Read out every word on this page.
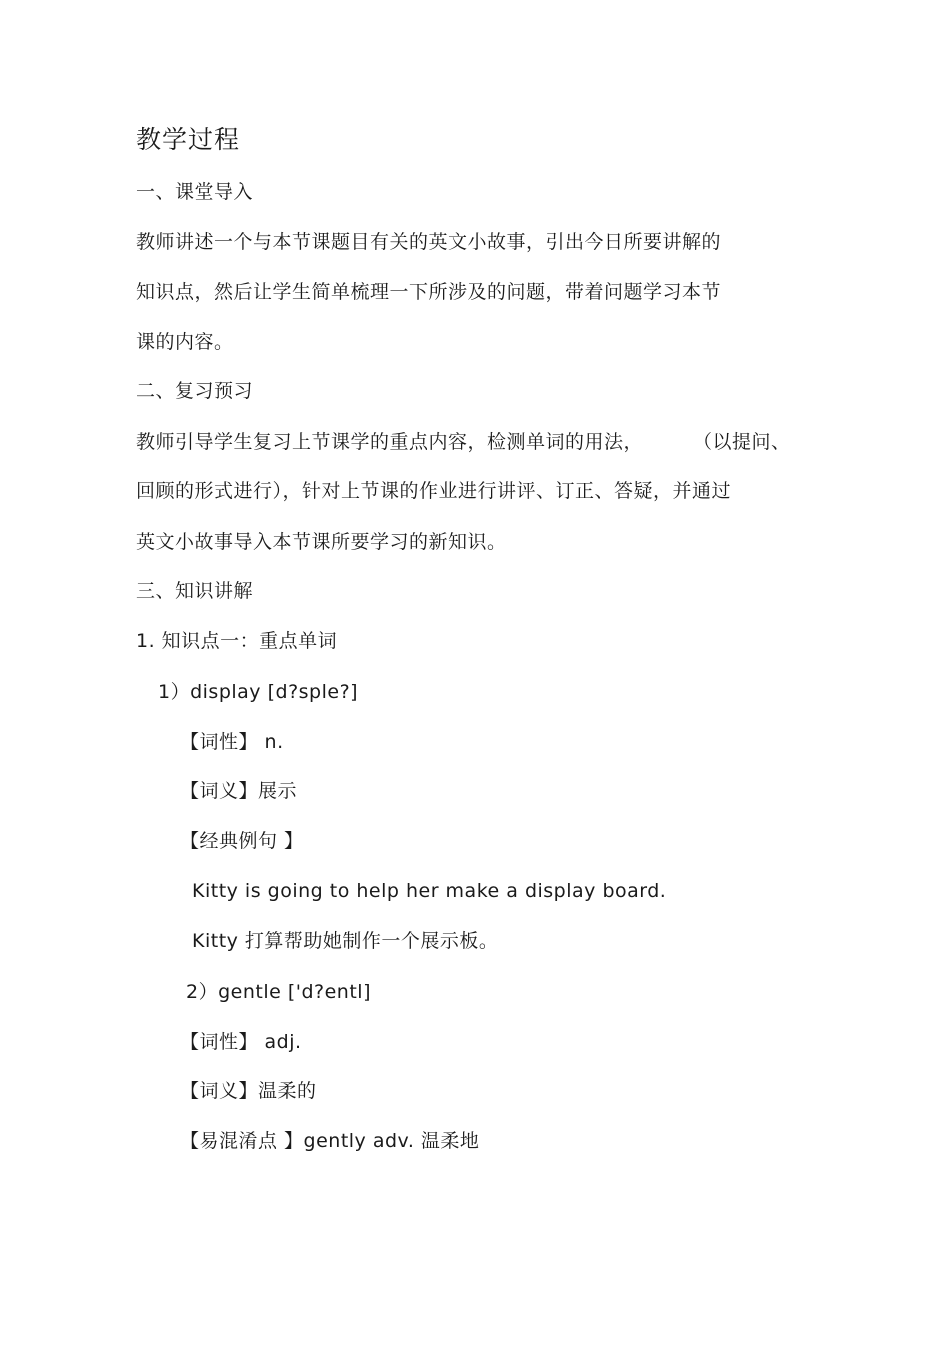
教学过程
一、课堂导入
教师讲述一个与本节课题目有关的英文小故事，引出今日所要讲解的
知识点，然后让学生简单梳理一下所涉及的问题，带着问题学习本节
课的内容。
二、复习预习
教师引导学生复习上节课学的重点内容，检测单词的用法，	（以提问、
回顾的形式进行），针对上节课的作业进行讲评、订正、答疑，并通过
英文小故事导入本节课所要学习的新知识。
三、知识讲解
1. 知识点一：重点单词
1）display [d?sple?]
【词性】 n.
【词义】展示
【经典例句 】
Kitty is going to help her make a display board.
Kitty 打算帮助她制作一个展示板。
2）gentle ['d?entl]
【词性】 adj.
【词义】温柔的
【易混淆点 】gently adv. 温柔地
